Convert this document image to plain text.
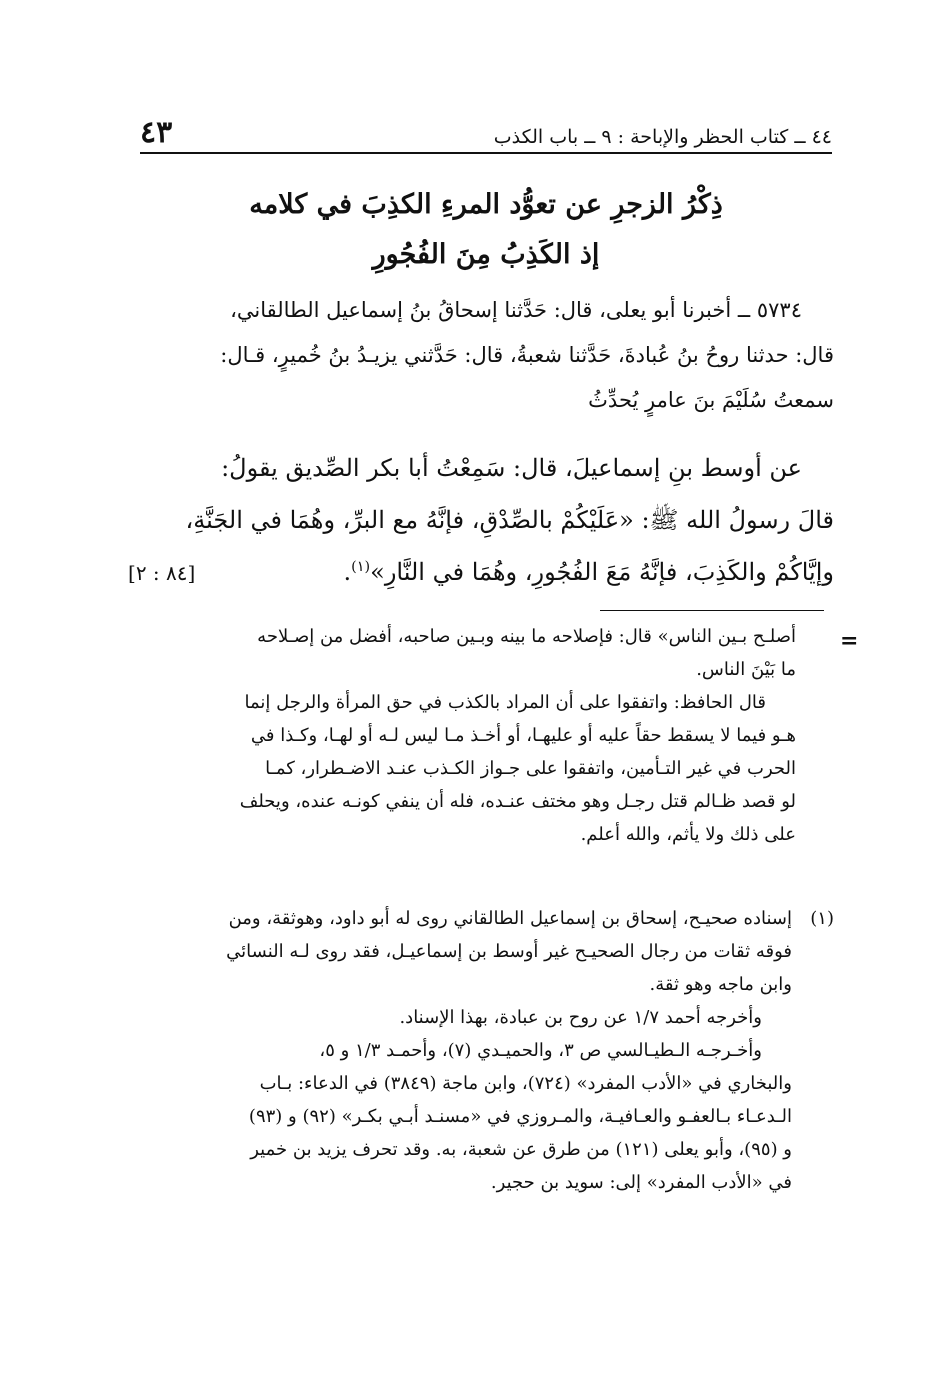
٤٤ ــ كتاب الحظر والإباحة : ٩ ــ باب الكذب
٤٣
ذِكْرُ الزجرِ عن تعوُّد المرءِ الكذِبَ في كلامه
إذ الكَذِبُ مِنَ الفُجُورِ

٥٧٣٤ ــ أخبرنا أبو يعلى، قال: حَدَّثنا إسحاقُ بنُ إسماعيل الطالقاني،

قال: حدثنا روحُ بنُ عُبادةَ، حَدَّثنا شعبةُ، قال: حَدَّثني يزيـدُ بنُ خُميرٍ، قـال:

سمعتُ سُلَيْمَ بنَ عامرٍ يُحدِّثُ

عن أوسط بنِ إسماعيلَ، قال: سَمِعْتُ أبا بكر الصِّديق يقولُ:

قالَ رسولُ الله ﷺ: «عَلَيْكُمْ بالصِّدْقِ، فإنَّهُ مع البرِّ، وهُمَا في الجَنَّةِ،

وإيَّاكُمْ والكَذِبَ، فإنَّهُ مَعَ الفُجُورِ، وهُمَا في النَّارِ»$^{(١)}$.
[٨٤ : ٢]
=

أصلـح بـين الناس» قال: فإصلاحه ما بينه وبـين صاحبه، أفضل من إصـلاحه

ما بَيْنَ الناس.

قال الحافظ: واتفقوا على أن المراد بالكذب في حق المرأة والرجل إنما

هـو فيما لا يسقط حقاً عليه أو عليهـا، أو أخـذ مـا ليس لـه أو لهـا، وكـذا في

الحرب في غير التـأمين، واتفقوا على جـواز الكـذب عنـد الاضـطرار، كمـا

لو قصد ظـالم قتل رجـل وهو مختف عنـده، فله أن ينفي كونـه عنده، ويحلف

على ذلك ولا يأثم، والله أعلم.

(١)

إسناده صحيـح، إسحاق بن إسماعيل الطالقاني روى له أبو داود، وهوثقة، ومن

فوقه ثقات من رجال الصحيـح غير أوسط بن إسماعيـل، فقد روى لـه النسائي

وابن ماجه وهو ثقة.

وأخرجه أحمد ١/٧ عن روح بن عبادة، بهذا الإسناد.

وأخـرجـه الـطيـالسي ص ٣، والحميـدي (٧)، وأحمـد ١/٣ و ٥،

والبخاري في «الأدب المفرد» (٧٢٤)، وابن ماجة (٣٨٤٩) في الدعاء: بـاب

الـدعـاء بـالعفـو والعـافيـة، والمـروزي في «مسنـد أبـي بكـر» (٩٢) و (٩٣)

و (٩٥)، وأبو يعلى (١٢١) من طرق عن شعبة، به. وقد تحرف يزيد بن خمير

في «الأدب المفرد» إلى: سويد بن حجير.
